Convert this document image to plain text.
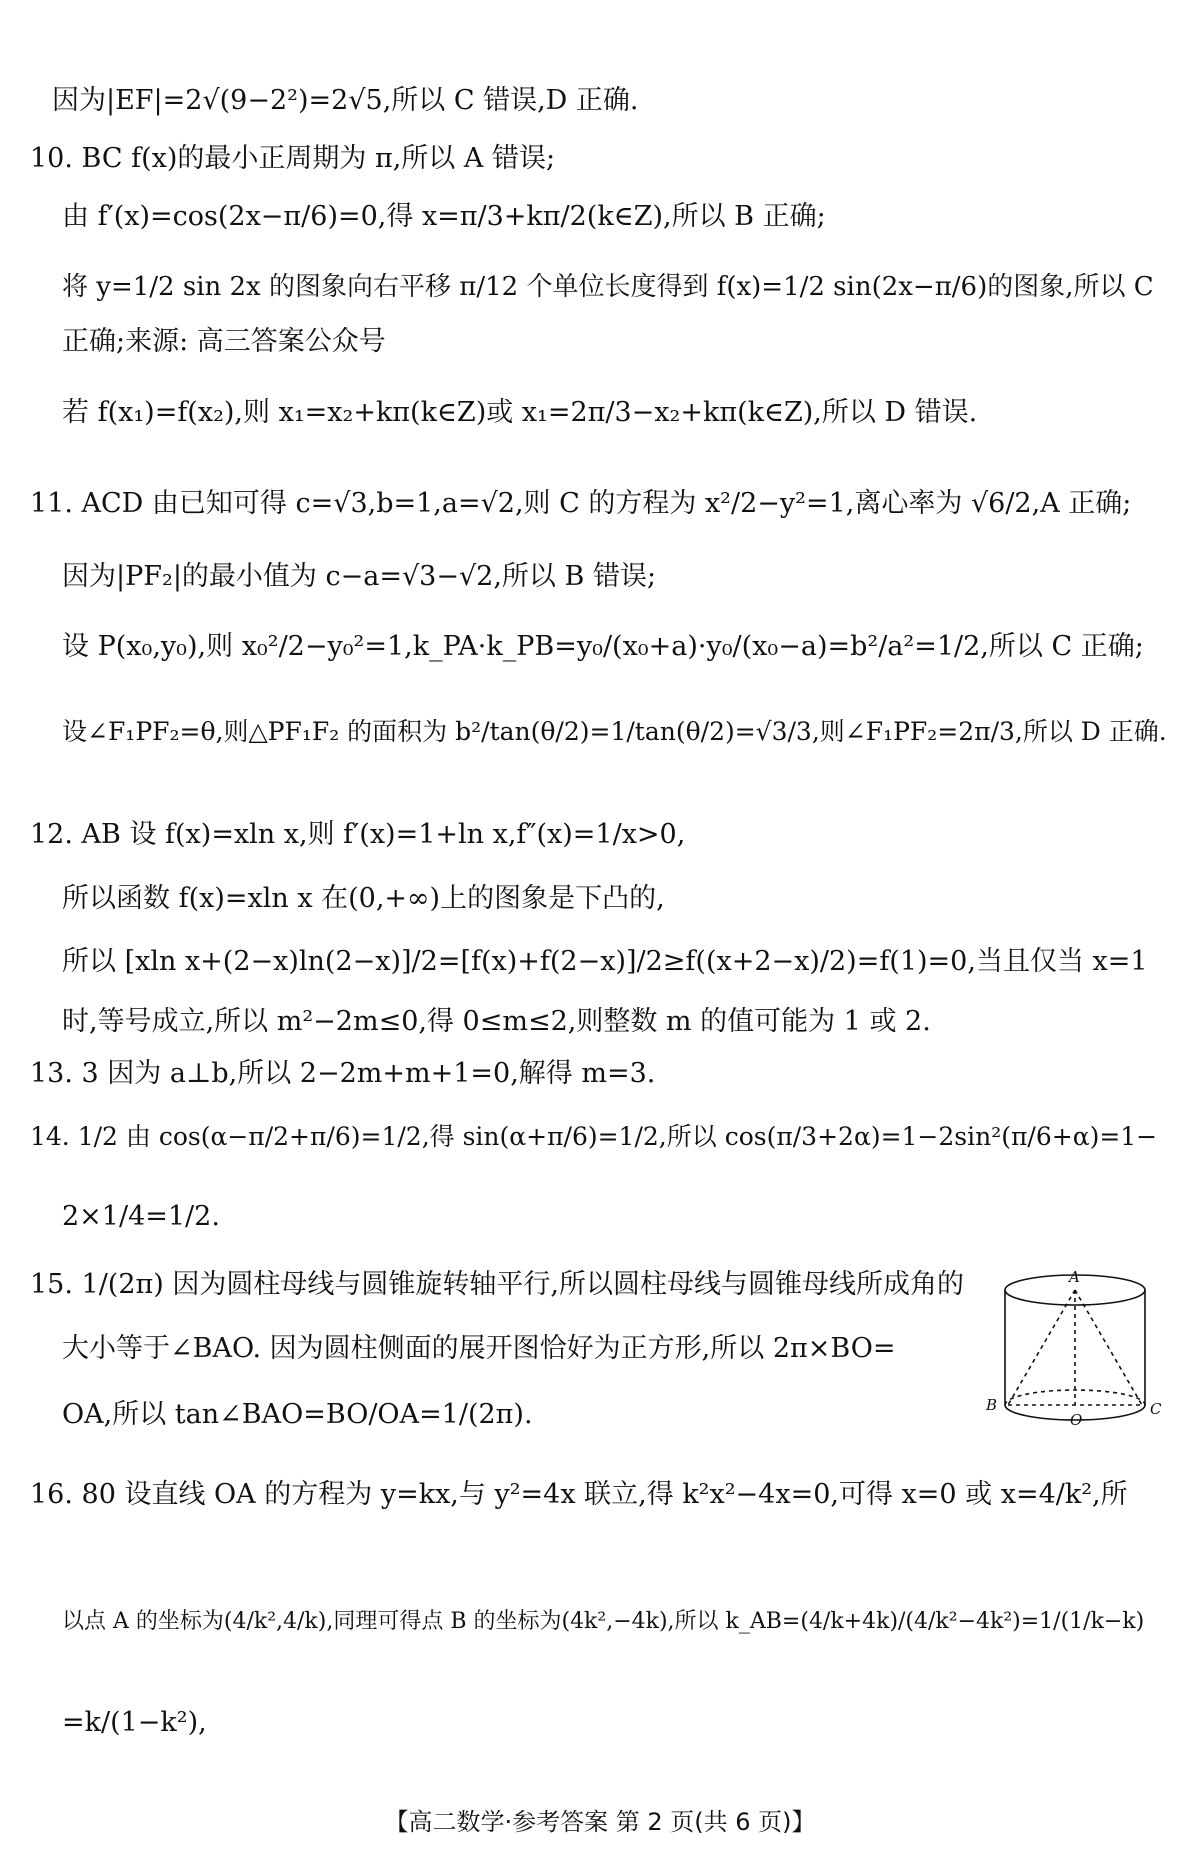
因为|EF|=2√(9−2²)=2√5,所以 C 错误,D 正确.
10. BC f(x)的最小正周期为 π,所以 A 错误;
由 f′(x)=cos(2x−π/6)=0,得 x=π/3+kπ/2(k∈Z),所以 B 正确;
将 y=1/2 sin 2x 的图象向右平移 π/12 个单位长度得到 f(x)=1/2 sin(2x−π/6)的图象,所以 C
正确;来源: 高三答案公众号
若 f(x₁)=f(x₂),则 x₁=x₂+kπ(k∈Z)或 x₁=2π/3−x₂+kπ(k∈Z),所以 D 错误.
11. ACD 由已知可得 c=√3,b=1,a=√2,则 C 的方程为 x²/2−y²=1,离心率为 √6/2,A 正确;
因为|PF₂|的最小值为 c−a=√3−√2,所以 B 错误;
设 P(x₀,y₀),则 x₀²/2−y₀²=1,k_PA·k_PB=y₀/(x₀+a)·y₀/(x₀−a)=b²/a²=1/2,所以 C 正确;
设∠F₁PF₂=θ,则△PF₁F₂ 的面积为 b²/tan(θ/2)=1/tan(θ/2)=√3/3,则∠F₁PF₂=2π/3,所以 D 正确.
12. AB 设 f(x)=xln x,则 f′(x)=1+ln x,f″(x)=1/x>0,
所以函数 f(x)=xln x 在(0,+∞)上的图象是下凸的,
所以 [xln x+(2−x)ln(2−x)]/2=[f(x)+f(2−x)]/2≥f((x+2−x)/2)=f(1)=0,当且仅当 x=1
时,等号成立,所以 m²−2m≤0,得 0≤m≤2,则整数 m 的值可能为 1 或 2.
13. 3 因为 a⊥b,所以 2−2m+m+1=0,解得 m=3.
14. 1/2 由 cos(α−π/2+π/6)=1/2,得 sin(α+π/6)=1/2,所以 cos(π/3+2α)=1−2sin²(π/6+α)=1−
2×1/4=1/2.
15. 1/(2π) 因为圆柱母线与圆锥旋转轴平行,所以圆柱母线与圆锥母线所成角的
大小等于∠BAO. 因为圆柱侧面的展开图恰好为正方形,所以 2π×BO=
OA,所以 tan∠BAO=BO/OA=1/(2π).
16. 80 设直线 OA 的方程为 y=kx,与 y²=4x 联立,得 k²x²−4x=0,可得 x=0 或 x=4/k²,所
以点 A 的坐标为(4/k²,4/k),同理可得点 B 的坐标为(4k²,−4k),所以 k_AB=(4/k+4k)/(4/k²−4k²)=1/(1/k−k)
=k/(1−k²),
A
B
O
C
【高二数学·参考答案 第 2 页(共 6 页)】
